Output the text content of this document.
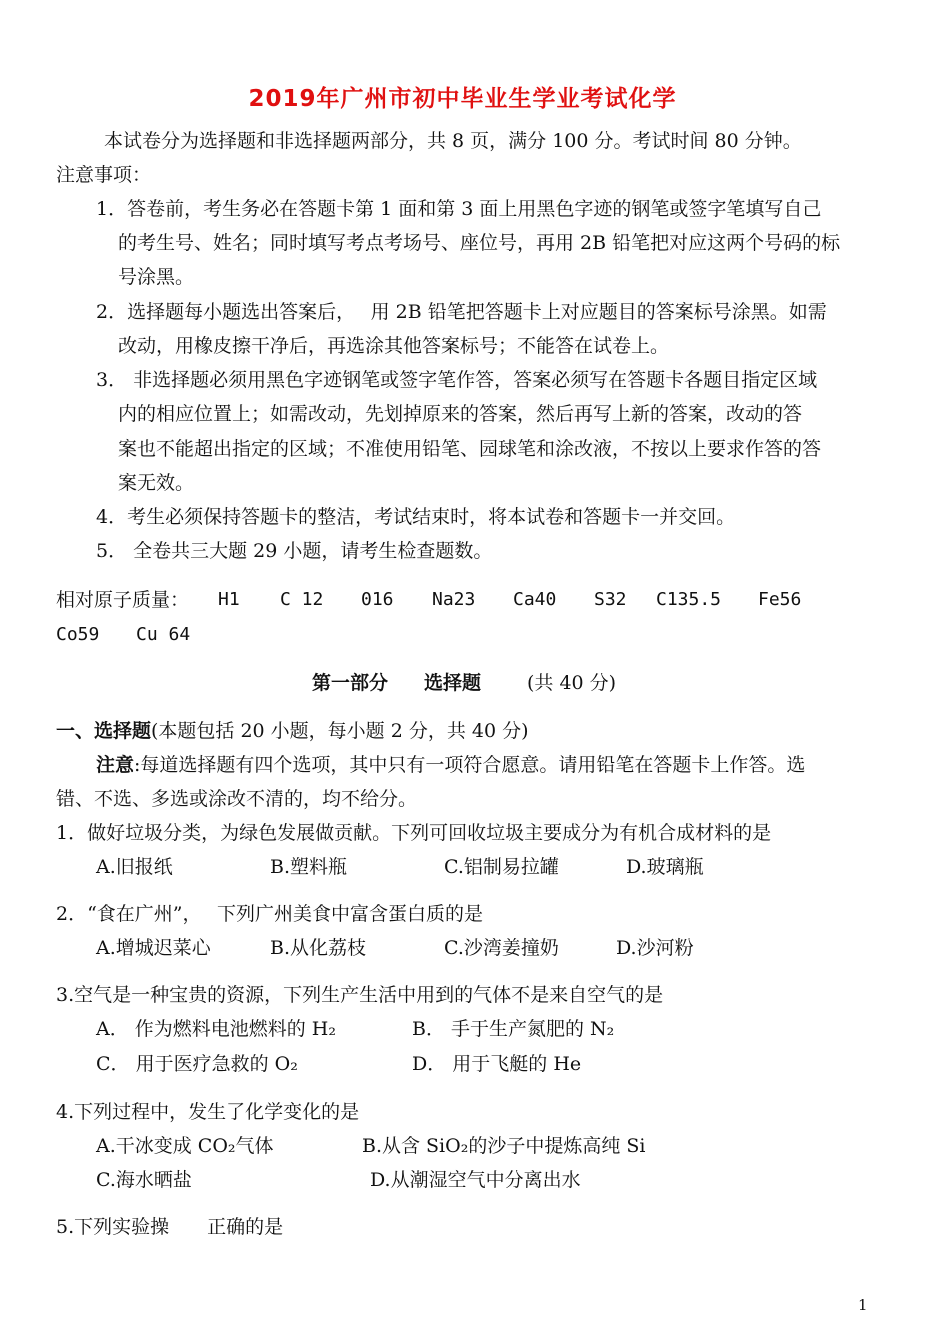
2019年广州市初中毕业生学业考试化学
本试卷分为选择题和非选择题两部分，共 8 页，满分 100 分。考试时间 80 分钟。
注意事项：
1．答卷前，考生务必在答题卡第 1 面和第 3 面上用黑色字迹的钢笔或签字笔填写自己
的考生号、姓名；同时填写考点考场号、座位号，再用 2B 铅笔把对应这两个号码的标
号涂黑。
2．选择题每小题选出答案后，　 用 2B 铅笔把答题卡上对应题目的答案标号涂黑。如需
改动，用橡皮擦干净后，再选涂其他答案标号；不能答在试卷上。
3． 非选择题必须用黑色字迹钢笔或签字笔作答，答案必须写在答题卡各题目指定区域
内的相应位置上；如需改动，先划掉原来的答案，然后再写上新的答案，改动的答
案也不能超出指定的区域；不准使用铅笔、园球笔和涂改液，不按以上要求作答的答
案无效。
4．考生必须保持答题卡的整洁，考试结束时，将本试卷和答题卡一并交回。
5． 全卷共三大题 29 小题，请考生检查题数。
相对原子质量： H1 C 12 016 Na23 Ca40 S32 C135.5 Fe56
Co59 Cu 64
第一部分 选择题 (共 40 分)
一、选择题(本题包括 20 小题，每小题 2 分，共 40 分)
注意:每道选择题有四个选项，其中只有一项符合愿意。请用铅笔在答题卡上作答。选
错、不选、多选或涂改不清的，均不给分。
1．做好垃圾分类，为绿色发展做贡献。下列可回收垃圾主要成分为有机合成材料的是
A.旧报纸	B.塑料瓶	C.铝制易拉罐	D.玻璃瓶
2．“食在广州”，　 下列广州美食中富含蛋白质的是
A.增城迟菜心	B.从化荔枝	C.沙湾姜撞奶	D.沙河粉
3.空气是一种宝贵的资源，下列生产生活中用到的气体不是来自空气的是
A． 作为燃料电池燃料的 H₂	B． 手于生产氮肥的 N₂
C． 用于医疗急救的 O₂	D． 用于飞艇的 He
4.下列过程中，发生了化学变化的是
A.干冰变成 CO₂气体	B.从含 SiO₂的沙子中提炼高纯 Si
C.海水晒盐	D.从潮湿空气中分离出水
5.下列实验操　　正确的是
1
